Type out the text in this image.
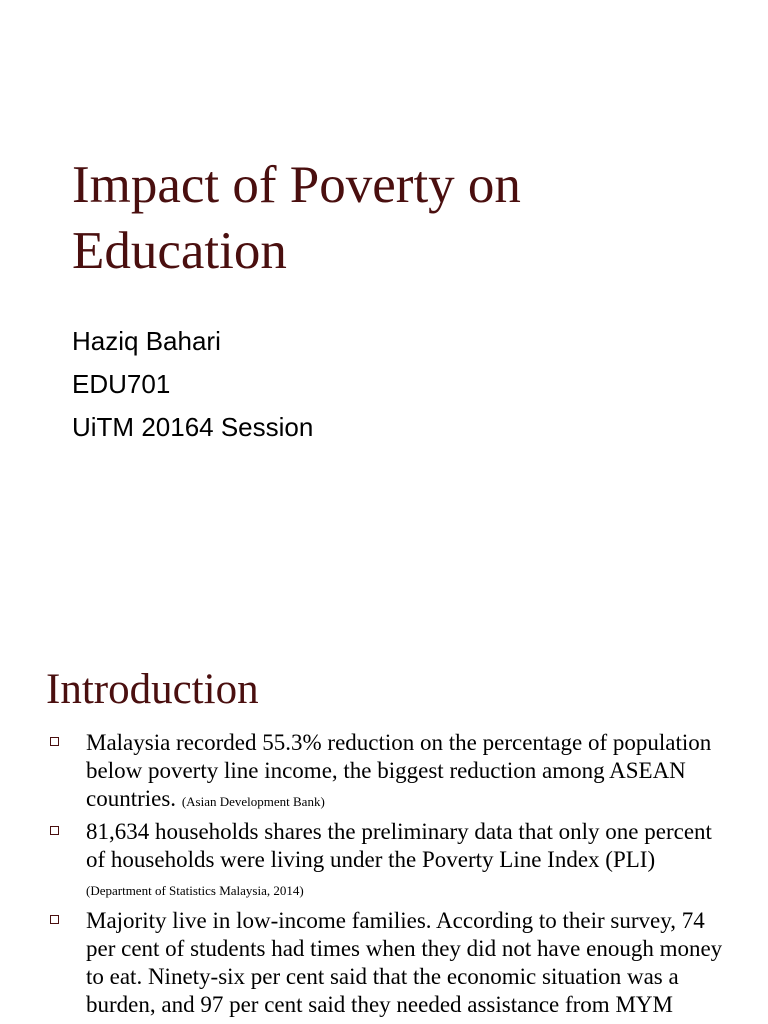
Impact of Poverty on Education
Haziq Bahari
EDU701
UiTM 20164 Session
Introduction
Malaysia recorded 55.3% reduction on the percentage of population below poverty line income, the biggest reduction among ASEAN countries. (Asian Development Bank)
81,634 households shares the preliminary data that only one percent of households were living under the Poverty Line Index (PLI) (Department of Statistics Malaysia, 2014)
Majority live in low-income families. According to their survey, 74 per cent of students had times when they did not have enough money to eat. Ninety-six per cent said that the economic situation was a burden, and 97 per cent said they needed assistance from MYM
